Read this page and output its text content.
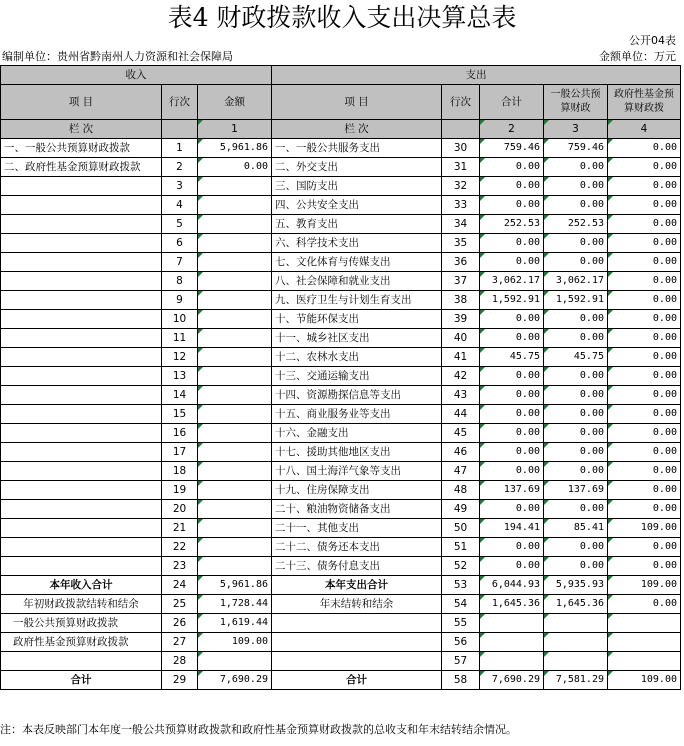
表4 财政拨款收入支出决算总表
公开04表
编制单位：贵州省黔南州人力资源和社会保障局	金额单位：万元
收入			支出				
项 目	行次	金额	项 目	行次	合计	一般公共预算财政	政府性基金预算财政拨
栏 次		1	栏 次		2	3	4
一、一般公共预算财政拨款	1	5,961.86	一、一般公共服务支出	30	759.46	759.46	0.00
二、政府性基金预算财政拨款	2	0.00	二、外交支出	31	0.00	0.00	0.00
	3		三、国防支出	32	0.00	0.00	0.00
	4		四、公共安全支出	33	0.00	0.00	0.00
	5		五、教育支出	34	252.53	252.53	0.00
	6		六、科学技术支出	35	0.00	0.00	0.00
	7		七、文化体育与传媒支出	36	0.00	0.00	0.00
	8		八、社会保障和就业支出	37	3,062.17	3,062.17	0.00
	9		九、医疗卫生与计划生育支出	38	1,592.91	1,592.91	0.00
	10		十、节能环保支出	39	0.00	0.00	0.00
	11		十一、城乡社区支出	40	0.00	0.00	0.00
	12		十二、农林水支出	41	45.75	45.75	0.00
	13		十三、交通运输支出	42	0.00	0.00	0.00
	14		十四、资源勘探信息等支出	43	0.00	0.00	0.00
	15		十五、商业服务业等支出	44	0.00	0.00	0.00
	16		十六、金融支出	45	0.00	0.00	0.00
	17		十七、援助其他地区支出	46	0.00	0.00	0.00
	18		十八、国土海洋气象等支出	47	0.00	0.00	0.00
	19		十九、住房保障支出	48	137.69	137.69	0.00
	20		二十、粮油物资储备支出	49	0.00	0.00	0.00
	21		二十一、其他支出	50	194.41	85.41	109.00
	22		二十二、债务还本支出	51	0.00	0.00	0.00
	23		二十三、债务付息支出	52	0.00	0.00	0.00
本年收入合计	24	5,961.86	本年支出合计	53	6,044.93	5,935.93	109.00
年初财政拨款结转和结余	25	1,728.44	年末结转和结余	54	1,645.36	1,645.36	0.00
一般公共预算财政拨款	26	1,619.44		55			
政府性基金预算财政拨款	27	109.00		56			
	28			57			
合计	29	7,690.29	合计	58	7,690.29	7,581.29	109.00
注：本表反映部门本年度一般公共预算财政拨款和政府性基金预算财政拨款的总收支和年末结转结余情况。
